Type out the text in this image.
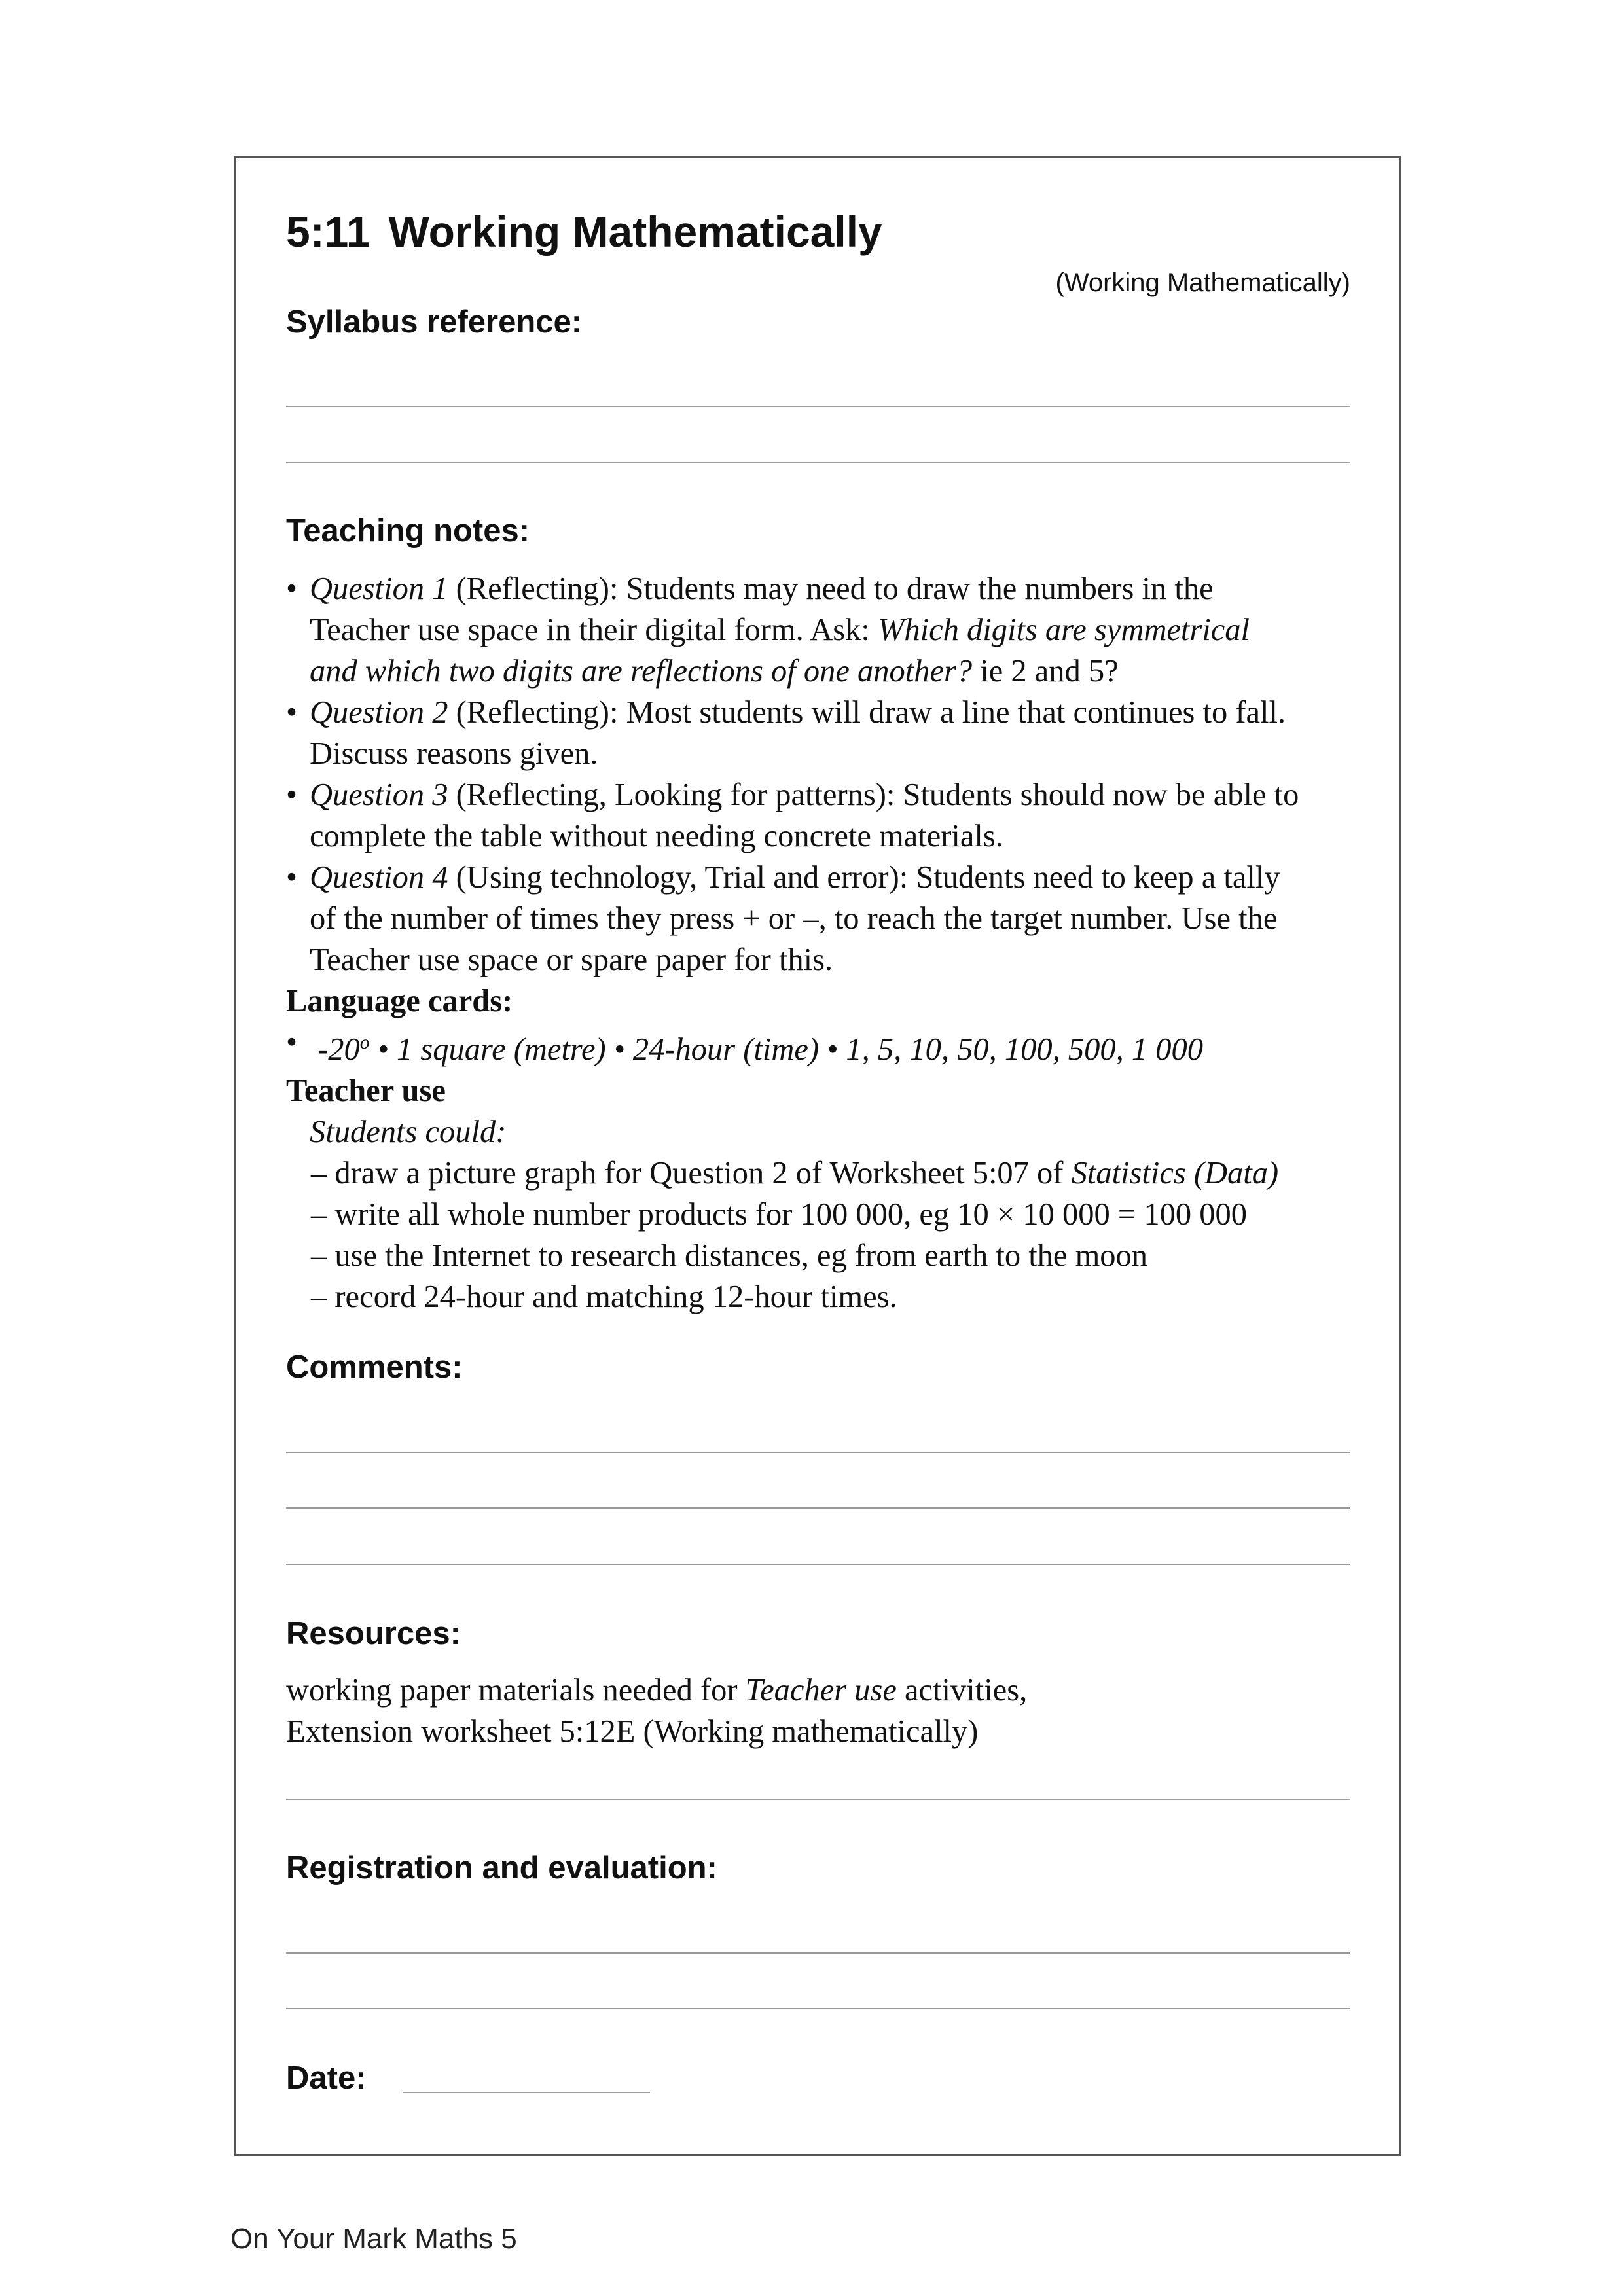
5:11 Working Mathematically
(Working Mathematically)
Syllabus reference:
Teaching notes:
• Question 1 (Reflecting): Students may need to draw the numbers in the
Teacher use space in their digital form. Ask: Which digits are symmetrical
and which two digits are reflections of one another? ie 2 and 5?
• Question 2 (Reflecting): Most students will draw a line that continues to fall.
Discuss reasons given.
• Question 3 (Reflecting, Looking for patterns): Students should now be able to
complete the table without needing concrete materials.
• Question 4 (Using technology, Trial and error): Students need to keep a tally
of the number of times they press + or –, to reach the target number. Use the
Teacher use space or spare paper for this.
Language cards:
• -20$^o$ • 1 square (metre) • 24-hour (time) • 1, 5, 10, 50, 100, 500, 1 000
Teacher use
Students could:
– draw a picture graph for Question 2 of Worksheet 5:07 of Statistics (Data)
– write all whole number products for 100 000, eg 10 × 10 000 = 100 000
– use the Internet to research distances, eg from earth to the moon
– record 24-hour and matching 12-hour times.
Comments:
Resources:
working paper materials needed for Teacher use activities,
Extension worksheet 5:12E (Working mathematically)
Registration and evaluation:
Date:
On Your Mark Maths 5
